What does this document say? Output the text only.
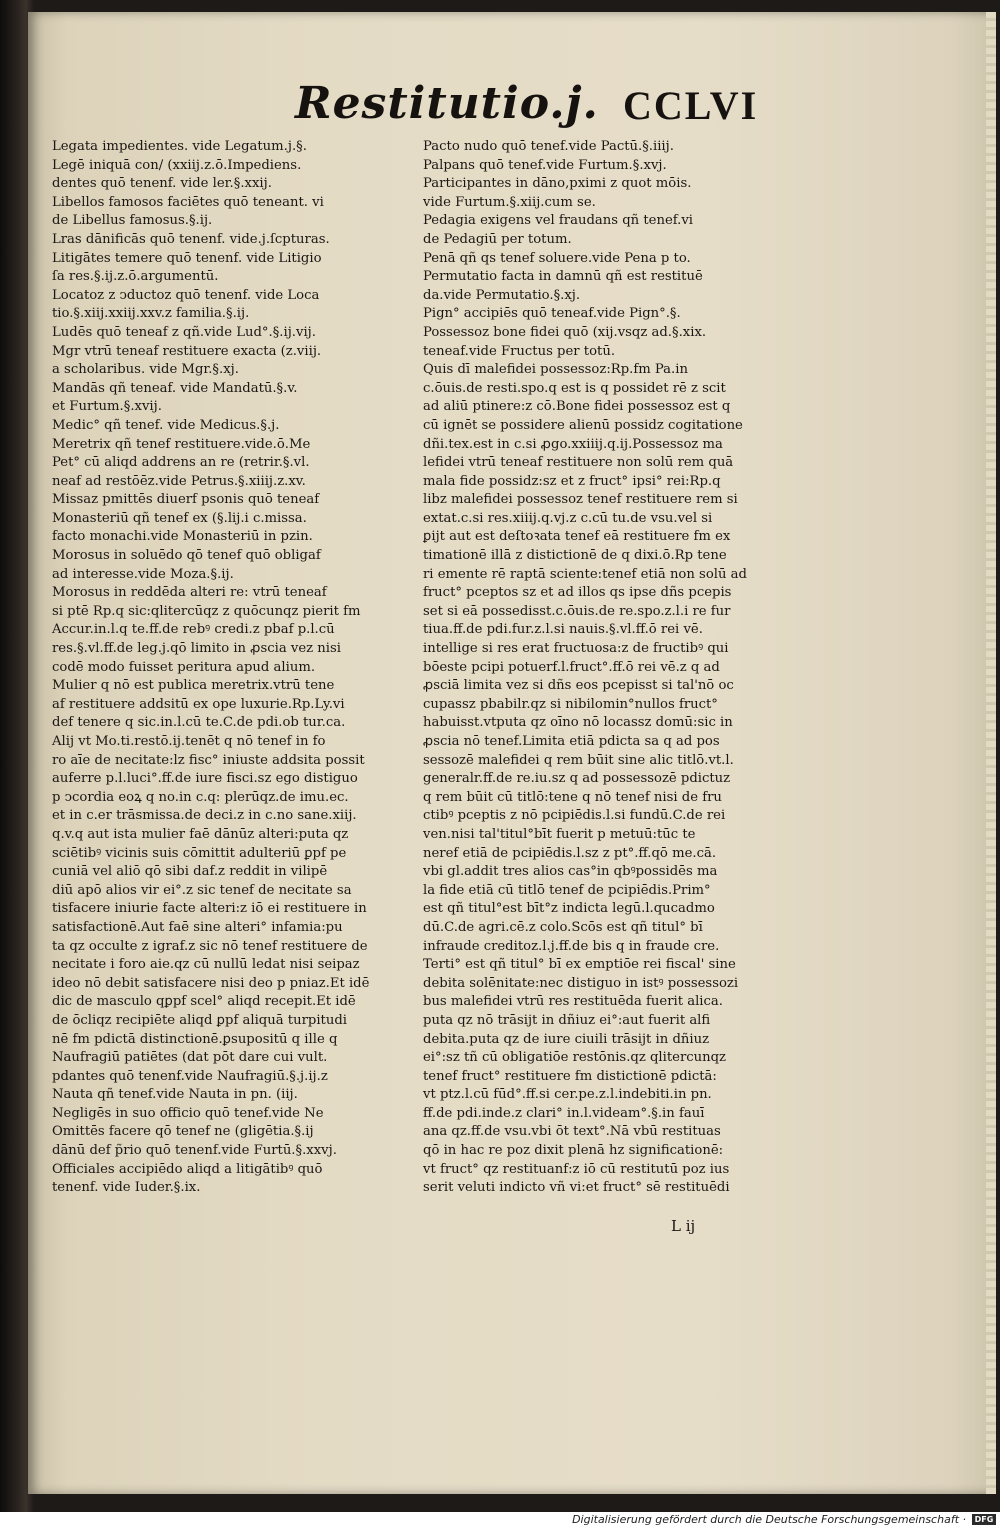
Restitutio.j. CCLVI

Legata impedientes. vide Legatum.j.§.

Legē iniquā con∕ (xxiij.z.ō.Impediens.

dentes quō tenenf. vide ler.§.xxij.

Libellos famosos faciētes quō teneant. vi

de Libellus famosus.§.ij.

Lras dānificās quō tenenf. vide.j.ſcpturas.

Litigātes temere quō tenenf. vide Litigio

ſa res.§.ij.z.ō.argumentū.

Locatoz z ↄductoz quō tenenf. vide Loca

tio.§.xiij.xxiij.xxv.z familia.§.ij.

Ludēs quō teneaf z qñ.vide Lud°.§.ij.vij.

Mgr vtrū teneaf restituere exacta (z.viij.

a scholaribus. vide Mgr.§.xj.

Mandās qñ teneaf. vide Mandatū.§.v.

et Furtum.§.xvij.

Medic° qñ tenef. vide Medicus.§.j.

Meretrix qñ tenef restituere.vide.ō.Me

Pet° cū aliqd addrens an re (retrir.§.vl.

neaf ad restōēz.vide Petrus.§.xiiij.z.xv.

Missaz pmittēs diuerf psonis quō teneaf

Monasteriū qñ tenef ex (§.lij.i c.missa.

facto monachi.vide Monasteriū in pzin.

Morosus in soluēdo qō tenef quō obligaf

ad interesse.vide Moza.§.ij.

Morosus in reddēda alteri re: vtrū teneaf

si ptē Rp.q sic:qlitercūqz z quōcunqz pierit fm

Accur.in.l.q te.ff.de rebꝰ credi.z pbaf p.l.cū

res.§.vl.ff.de leg.j.qō limito in ꝓscia vez nisi

codē modo fuisset peritura apud alium.

Mulier q nō est publica meretrix.vtrū tene

af restituere addsitū ex ope luxurie.Rp.Ly.vi

def tenere q sic.in.l.cū te.C.de pdi.ob tur.ca.

Alij vt Mo.ti.restō.ij.tenēt q nō tenef in fo

ro aīe de necitate:lz fisc° iniuste addsita possit

auferre p.l.luci°.ff.de iure fisci.sz ego distiguo

p ↄcordia eoꝝ q no.in c.q: plerūqz.de imu.ec.

et in c.er trāsmissa.de deci.z in c.no sane.xiij.

q.v.q aut ista mulier faē dānūz alteri:puta qz

sciētibꝰ vicinis suis cōmittit adulteriū ꝑpf pe

cuniā vel aliō qō sibi daf.z reddit in vilipē

diū apō alios vir ei°.z sic tenef de necitate sa

tisfacere iniurie facte alteri:z iō ei restituere in

satisfactionē.Aut faē sine alteri° infamia:pu

ta qz occulte z igraf.z sic nō tenef restituere de

necitate i foro aie.qz cū nullū ledat nisi seipaz

ideo nō debit satisfacere nisi deo p pniaz.Et idē

dic de masculo qꝑpf scel° aliqd recepit.Et idē

de ōcliqz recipiēte aliqd ꝑpf aliquā turpitudi

nē fm pdictā distinctionē.ꝑsupositū q ille q

Naufragiū patiētes (dat pōt dare cui vult.

pdantes quō tenenf.vide Naufragiū.§.j.ij.z

Nauta qñ tenef.vide Nauta in pn. (iij.

Negligēs in suo officio quō tenef.vide Ne

Omittēs facere qō tenef ne (gligētia.§.ij

dānū def p̃rio quō tenenf.vide Furtū.§.xxvj.

Officiales accipiēdo aliqd a litigātibꝰ quō

tenenf. vide Iuder.§.ix.

Pacto nudo quō tenef.vide Pactū.§.iiij.

Palpans quō tenef.vide Furtum.§.xvj.

Participantes in dāno,pximi z quot mōis.

vide Furtum.§.xiij.cum se.

Pedagia exigens vel fraudans qñ tenef.vi

de Pedagiū per totum.

Penā qñ qs tenef soluere.vide Pena p to.

Permutatio facta in damnū qñ est restituē

da.vide Permutatio.§.xj.

Pign° accipiēs quō teneaf.vide Pign°.§.

Possessoz bone fidei quō (xij.vsqz ad.§.xix.

teneaf.vide Fructus per totū.

Quis dī malefidei possessoz:Rp.fm Pa.in

c.ōuis.de resti.spo.q est is q possidet rē z scit

ad aliū ptinere:z cō.Bone fidei possessoz est q

cū ignēt se possidere alienū possidz cogitatione

dñi.tex.est in c.si ꝓgo.xxiiij.q.ij.Possessoz ma

lefidei vtrū teneaf restituere non solū rem quā

mala fide possidz:sz et z fruct° ipsi° rei:Rp.q

libz malefidei possessoz tenef restituere rem si

extat.c.si res.xiiij.q.vj.z c.cū tu.de vsu.vel si

ꝑijt aut est deſtoꝛata tenef eā restituere fm ex

timationē illā z distictionē de q dixi.ō.Rp tene

ri emente rē raptā sciente:tenef etiā non solū ad

fruct° pceptos sz et ad illos qs ipse dñs pcepis

set si eā possedisst.c.ōuis.de re.spo.z.l.i re fur

tiua.ff.de pdi.fur.z.l.si nauis.§.vl.ff.ō rei vē.

intellige si res erat fructuosa:z de fructibꝰ qui

bōeste pcipi potuerf.l.fruct°.ff.ō rei vē.z q ad

ꝓsciā limita vez si dñs eos pcepisst si tal'nō oc

cupassz pbabilr.qz si nibilomin°nullos fruct°

habuisst.vtputa qz oīno nō locassz domū:sic in

ꝓscia nō tenef.Limita etiā pdicta sa q ad pos

sessozē malefidei q rem būit sine alic titlō.vt.l.

generalr.ff.de re.iu.sz q ad possessozē pdictuz

q rem būit cū titlō:tene q nō tenef nisi de fru

ctibꝰ pceptis z nō pcipiēdis.l.si fundū.C.de rei

ven.nisi tal'titul°bīt fuerit p metuū:tūc te

neref etiā de pcipiēdis.l.sz z pt°.ff.qō me.cā.

vbi gl.addit tres alios cas°in qbꝰpossidēs ma

la fide etiā cū titlō tenef de pcipiēdis.Prim°

est qñ titul°est bīt°z indicta legū.l.qucadmo

dū.C.de agri.cē.z colo.Scōs est qñ titul° bī

infraude creditoz.l.j.ff.de bis q in fraude cre.

Terti° est qñ titul° bī ex emptiōe rei fiscal' sine

debita solēnitate:nec distiguo in istꝰ possessozi

bus malefidei vtrū res restituēda fuerit alica.

puta qz nō trāsijt in dñiuz ei°:aut fuerit alfi

debita.puta qz de iure ciuili trāsijt in dñiuz

ei°:sz tñ cū obligatiōe restōnis.qz qlitercunqz

tenef fruct° restituere fm distictionē pdictā:

vt ptz.l.cū fūd°.ff.si cer.pe.z.l.indebiti.in pn.

ff.de pdi.inde.z clari° in.l.videam°.§.in fauī

ana qz.ff.de vsu.vbi ōt text°.Nā vbū restituas

qō in hac re poz dixit plenā hz significationē:

vt fruct° qz restituanf:z iō cū restitutū poz ius

serit veluti indicto vñ vi:et fruct° sē restituēdi

L ij
Digitalisierung gefördert durch die Deutsche Forschungsgemeinschaft ·	DFG
